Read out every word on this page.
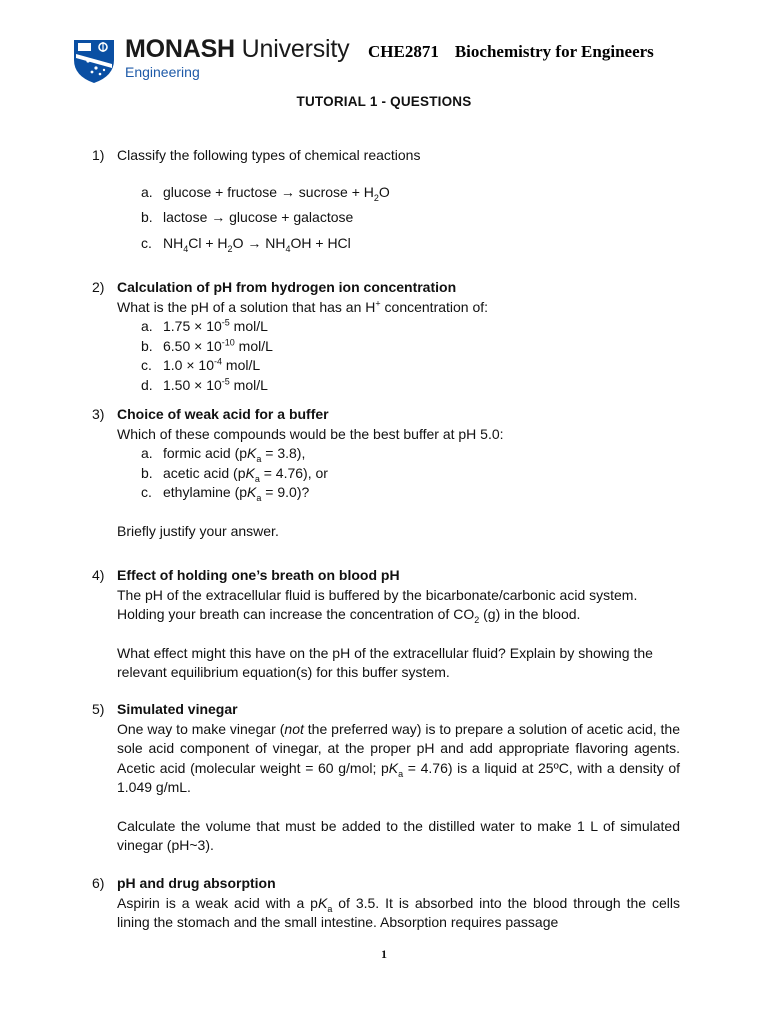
MONASH University
Engineering
CHE2871 Biochemistry for Engineers
TUTORIAL 1 - QUESTIONS
1) Classify the following types of chemical reactions

a. glucose + fructose → sucrose + $H_2O$
b. lactose → glucose + galactose
c. $NH_4Cl + H_2O \to NH_4OH$ + HCl
2) Calculation of pH from hydrogen ion concentration

What is the pH of a solution that has an H+ concentration of:

a. $1.75 \times 10^{-5}$ mol/L
b. $6.50 \times 10^{-10}$ mol/L
c. $1.0 \times 10^{-4}$ mol/L
d. $1.50 \times 10^{-5}$ mol/L
3) Choice of weak acid for a buffer

Which of these compounds would be the best buffer at pH 5.0:

a. formic acid $(pK_a = 3.8)$,
b. acetic acid $(pK_a = 4.76)$, or
c. ethylamine $(pK_a = 9.0)$?

Briefly justify your answer.

4) Effect of holding one’s breath on blood pH

The pH of the extracellular fluid is buffered by the bicarbonate/carbonic acid system.

Holding your breath can increase the concentration of $CO_2$ (g) in the blood.

What effect might this have on the pH of the extracellular fluid? Explain by showing the relevant equilibrium equation(s) for this buffer system.

5) Simulated vinegar

One way to make vinegar (not the preferred way) is to prepare a solution of acetic acid, the sole acid component of vinegar, at the proper pH and add appropriate flavoring agents. Acetic acid (molecular weight = 60 g/mol; $pK_a = 4.76$) is a liquid at 25ºC, with a density of 1.049 g/mL.

Calculate the volume that must be added to the distilled water to make 1 L of simulated vinegar (pH~3).

6) pH and drug absorption

Aspirin is a weak acid with a $pK_a$ of 3.5. It is absorbed into the blood through the cells lining the stomach and the small intestine. Absorption requires passage

1
